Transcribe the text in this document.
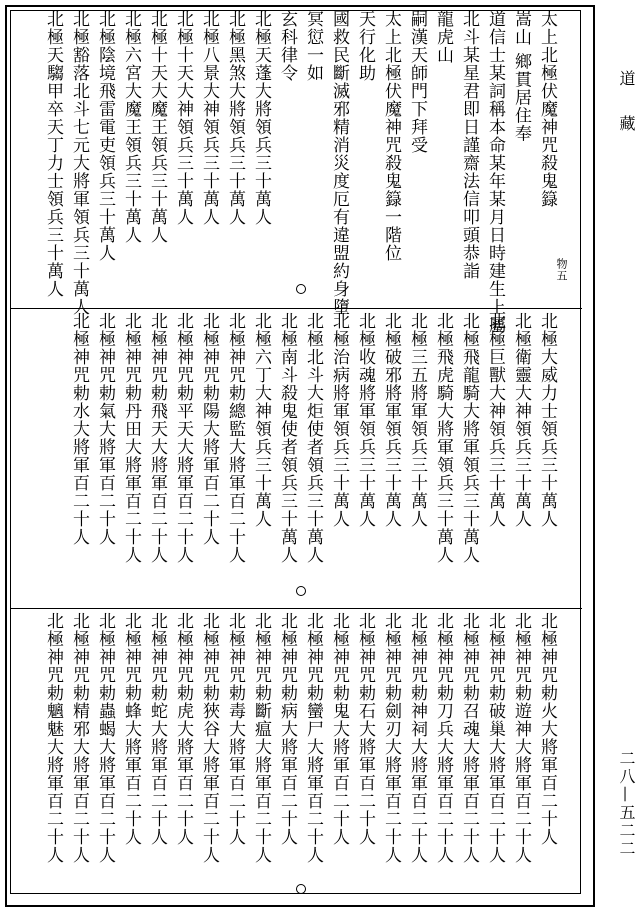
道 藏
二八—五二二
太上北極伏魔神咒殺鬼籙
嵩山 鄉貫居住奉
道信士某詞稱本命某年某月日時建生上屬
北斗某星君即日謹齋法信叩頭恭詣
龍虎山
嗣漢天師門下拜受
太上北極伏魔神咒殺鬼籙一階位
天行化助
國救民斷滅邪精消災度厄有違盟約身墮
冥愆一如
玄科律令
北極天蓬大將領兵三十萬人
北極黑煞大將領兵三十萬人
北極八景大神領兵三十萬人
北極十天大神領兵三十萬人
北極十天大魔王領兵三十萬人
北極六宮大魔王領兵三十萬人
北極陰境飛雷電吏領兵三十萬人
北極豁落北斗七元大將軍領兵三十萬人
北極天騶甲卒天丁力士領兵三十萬人	物五
北極大威力士領兵三十萬人
北極衛靈大神領兵三十萬人
北極巨獸大神領兵三十萬人
北極飛龍騎大將軍領兵三十萬人
北極飛虎騎大將軍領兵三十萬人
北極三五將軍領兵三十萬人
北極破邪將軍領兵三十萬人
北極收魂將軍領兵三十萬人
北極治病將軍領兵三十萬人
北極北斗大炬使者領兵三十萬人
北極南斗殺鬼使者領兵三十萬人
北極六丁大神領兵三十萬人
北極神咒勅總監大將軍百二十人
北極神咒勅陽大將軍百二十人
北極神咒勅平天大將軍百二十人
北極神咒勅飛天大將軍百二十人
北極神咒勅丹田大將軍百二十人
北極神咒勅氣大將軍百二十人
北極神咒勅水大將軍百二十人
北極神咒勅火大將軍百二十人
北極神咒勅遊神大將軍百二十人
北極神咒勅破巢大將軍百二十人
北極神咒勅召魂大將軍百二十人
北極神咒勅刀兵大將軍百二十人
北極神咒勅神祠大將軍百二十人
北極神咒勅劍刃大將軍百二十人
北極神咒勅石大將軍百二十人
北極神咒勅鬼大將軍百二十人
北極神咒勅蠻尸大將軍百二十人
北極神咒勅病大將軍百二十人
北極神咒勅斷瘟大將軍百二十人
北極神咒勅毒大將軍百二十人
北極神咒勅狹谷大將軍百二十人
北極神咒勅虎大將軍百二十人
北極神咒勅蛇大將軍百二十人
北極神咒勅蜂大將軍百二十人
北極神咒勅蟲蝎大將軍百二十人
北極神咒勅精邪大將軍百二十人
北極神咒勅魑魅大將軍百二十人
